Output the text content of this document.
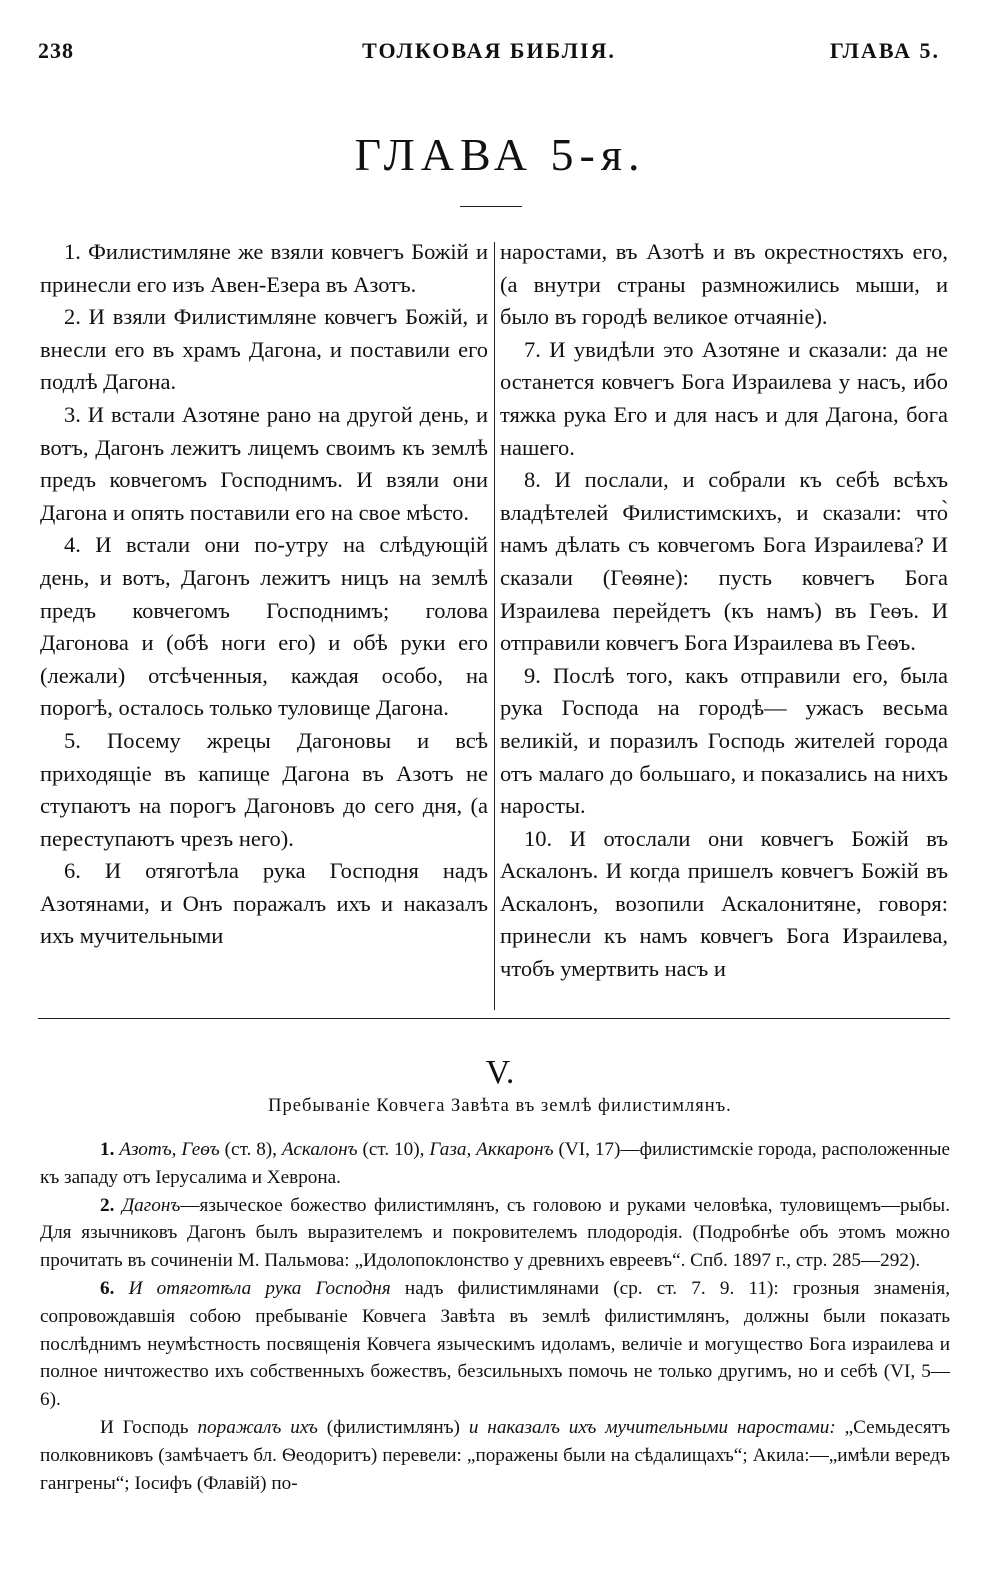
238	ТОЛКОВАЯ БИБЛІЯ.	ГЛАВА 5.
ГЛАВА 5-я.

1. Филистимляне же взяли ковчегъ Божій и принесли его изъ Авен-Езера въ Азотъ.

2. И взяли Филистимляне ковчегъ Божій, и внесли его въ храмъ Дагона, и поставили его подлѣ Дагона.

3. И встали Азотяне рано на другой день, и вотъ, Дагонъ лежитъ лицемъ своимъ къ землѣ предъ ковчегомъ Господнимъ. И взяли они Дагона и опять поставили его на свое мѣсто.

4. И встали они по-утру на слѣдующій день, и вотъ, Дагонъ лежитъ ницъ на землѣ предъ ковчегомъ Господнимъ; голова Дагонова и (обѣ ноги его) и обѣ руки его (лежали) отсѣченныя, каждая особо, на порогѣ, осталось только туловище Дагона.

5. Посему жрецы Дагоновы и всѣ приходящіе въ капище Дагона въ Азотъ не ступаютъ на порогъ Дагоновъ до сего дня, (а переступаютъ чрезъ него).

6. И отяготѣла рука Господня надъ Азотянами, и Онъ поражалъ ихъ и наказалъ ихъ мучительными

наростами, въ Азотѣ и въ окрестностяхъ его, (а внутри страны размножились мыши, и было въ городѣ великое отчаяніе).

7. И увидѣли это Азотяне и сказали: да не останется ковчегъ Бога Израилева у насъ, ибо тяжка рука Его и для насъ и для Дагона, бога нашего.

8. И послали, и собрали къ себѣ всѣхъ владѣтелей Филистимскихъ, и сказали: что̀ намъ дѣлать съ ковчегомъ Бога Израилева? И сказали (Геѳяне): пусть ковчегъ Бога Израилева перейдетъ (къ намъ) въ Геѳъ. И отправили ковчегъ Бога Израилева въ Геѳъ.

9. Послѣ того, какъ отправили его, была рука Господа на городѣ— ужасъ весьма великій, и поразилъ Господь жителей города отъ малаго до большаго, и показались на нихъ наросты.

10. И отослали они ковчегъ Божій въ Аскалонъ. И когда пришелъ ковчегъ Божій въ Аскалонъ, возопили Аскалонитяне, говоря: принесли къ намъ ковчегъ Бога Израилева, чтобъ умертвить насъ и

V.
Пребываніе Ковчега Завѣта въ землѣ филистимлянъ.

1. Азотъ, Геѳъ (ст. 8), Аскалонъ (ст. 10), Газа, Аккаронъ (VI, 17)—филистимскіе города, расположенные къ западу отъ Іерусалима и Хеврона.

2. Дагонъ—языческое божество филистимлянъ, съ головою и руками человѣка, туловищемъ—рыбы. Для язычниковъ Дагонъ былъ выразителемъ и покровителемъ плодородія. (Подробнѣе объ этомъ можно прочитать въ сочиненіи М. Пальмова: „Идолопоклонство у древнихъ евреевъ“. Спб. 1897 г., стр. 285—292).

6. И отяготѣла рука Господня надъ филистимлянами (ср. ст. 7. 9. 11): грозныя знаменія, сопровождавшія собою пребываніе Ковчега Завѣта въ землѣ филистимлянъ, должны были показать послѣднимъ неумѣстность посвященія Ковчега языческимъ идоламъ, величіе и могущество Бога израилева и полное ничтожество ихъ собственныхъ божествъ, безсильныхъ помочь не только другимъ, но и себѣ (VI, 5—6).

И Господь поражалъ ихъ (филистимлянъ) и наказалъ ихъ мучительными наростами: „Семьдесятъ полковниковъ (замѣчаетъ бл. Ѳеодоритъ) перевели: „поражены были на сѣдалищахъ“; Акила:—„имѣли вередъ гангрены“; Іосифъ (Флавій) по-
